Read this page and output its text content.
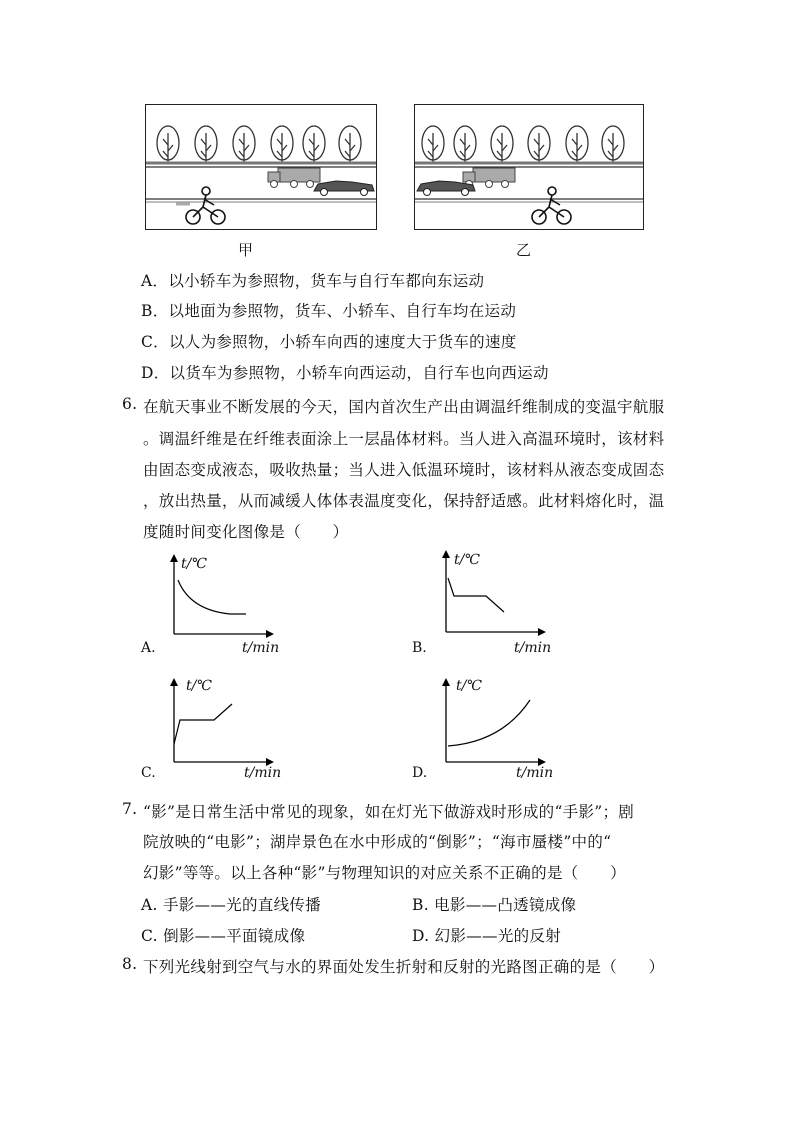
甲	乙
A．以小轿车为参照物，货车与自行车都向东运动
B．以地面为参照物，货车、小轿车、自行车均在运动
C．以人为参照物，小轿车向西的速度大于货车的速度
D．以货车为参照物，小轿车向西运动，自行车也向西运动
6. 在航天事业不断发展的今天，国内首次生产出由调温纤维制成的变温宇航服
。调温纤维是在纤维表面涂上一层晶体材料。当人进入高温环境时，该材料
由固态变成液态，吸收热量；当人进入低温环境时，该材料从液态变成固态
，放出热量，从而减缓人体体表温度变化，保持舒适感。此材料熔化时，温
度随时间变化图像是（　　）
t/℃
t/min
A.
t/℃
t/min
B.
t/℃
t/min
C.
t/℃
t/min
D.
7. “影”是日常生活中常见的现象，如在灯光下做游戏时形成的“手影”；剧
院放映的“电影”；湖岸景色在水中形成的“倒影”；“海市蜃楼”中的“
幻影”等等。以上各种“影”与物理知识的对应关系不正确的是（　　）
A. 手影——光的直线传播	B. 电影——凸透镜成像
C. 倒影——平面镜成像	D. 幻影——光的反射
8. 下列光线射到空气与水的界面处发生折射和反射的光路图正确的是（　　）
